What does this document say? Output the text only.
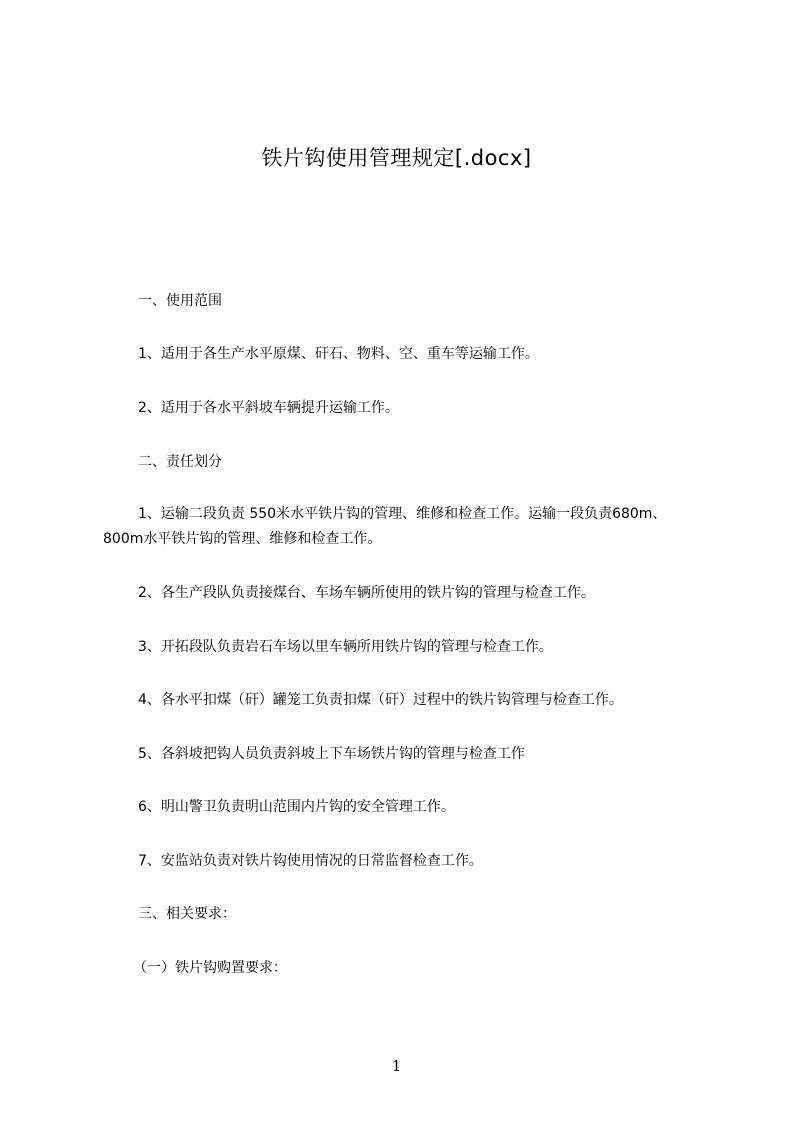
铁片钩使用管理规定[.docx]
一、使用范围
1、适用于各生产水平原煤、矸石、物料、空、重车等运输工作。
2、适用于各水平斜坡车辆提升运输工作。
二、责任划分
1、运输二段负责 550米水平铁片钩的管理、维修和检查工作。运输一段负责680m、 800m水平铁片钩的管理、维修和检查工作。
2、各生产段队负责接煤台、车场车辆所使用的铁片钩的管理与检查工作。
3、开拓段队负责岩石车场以里车辆所用铁片钩的管理与检查工作。
4、各水平扣煤（矸）罐笼工负责扣煤（矸）过程中的铁片钩管理与检查工作。
5、各斜坡把钩人员负责斜坡上下车场铁片钩的管理与检查工作
6、明山警卫负责明山范围内片钩的安全管理工作。
7、安监站负责对铁片钩使用情况的日常监督检查工作。
三、相关要求：
（一）铁片钩购置要求：
1
